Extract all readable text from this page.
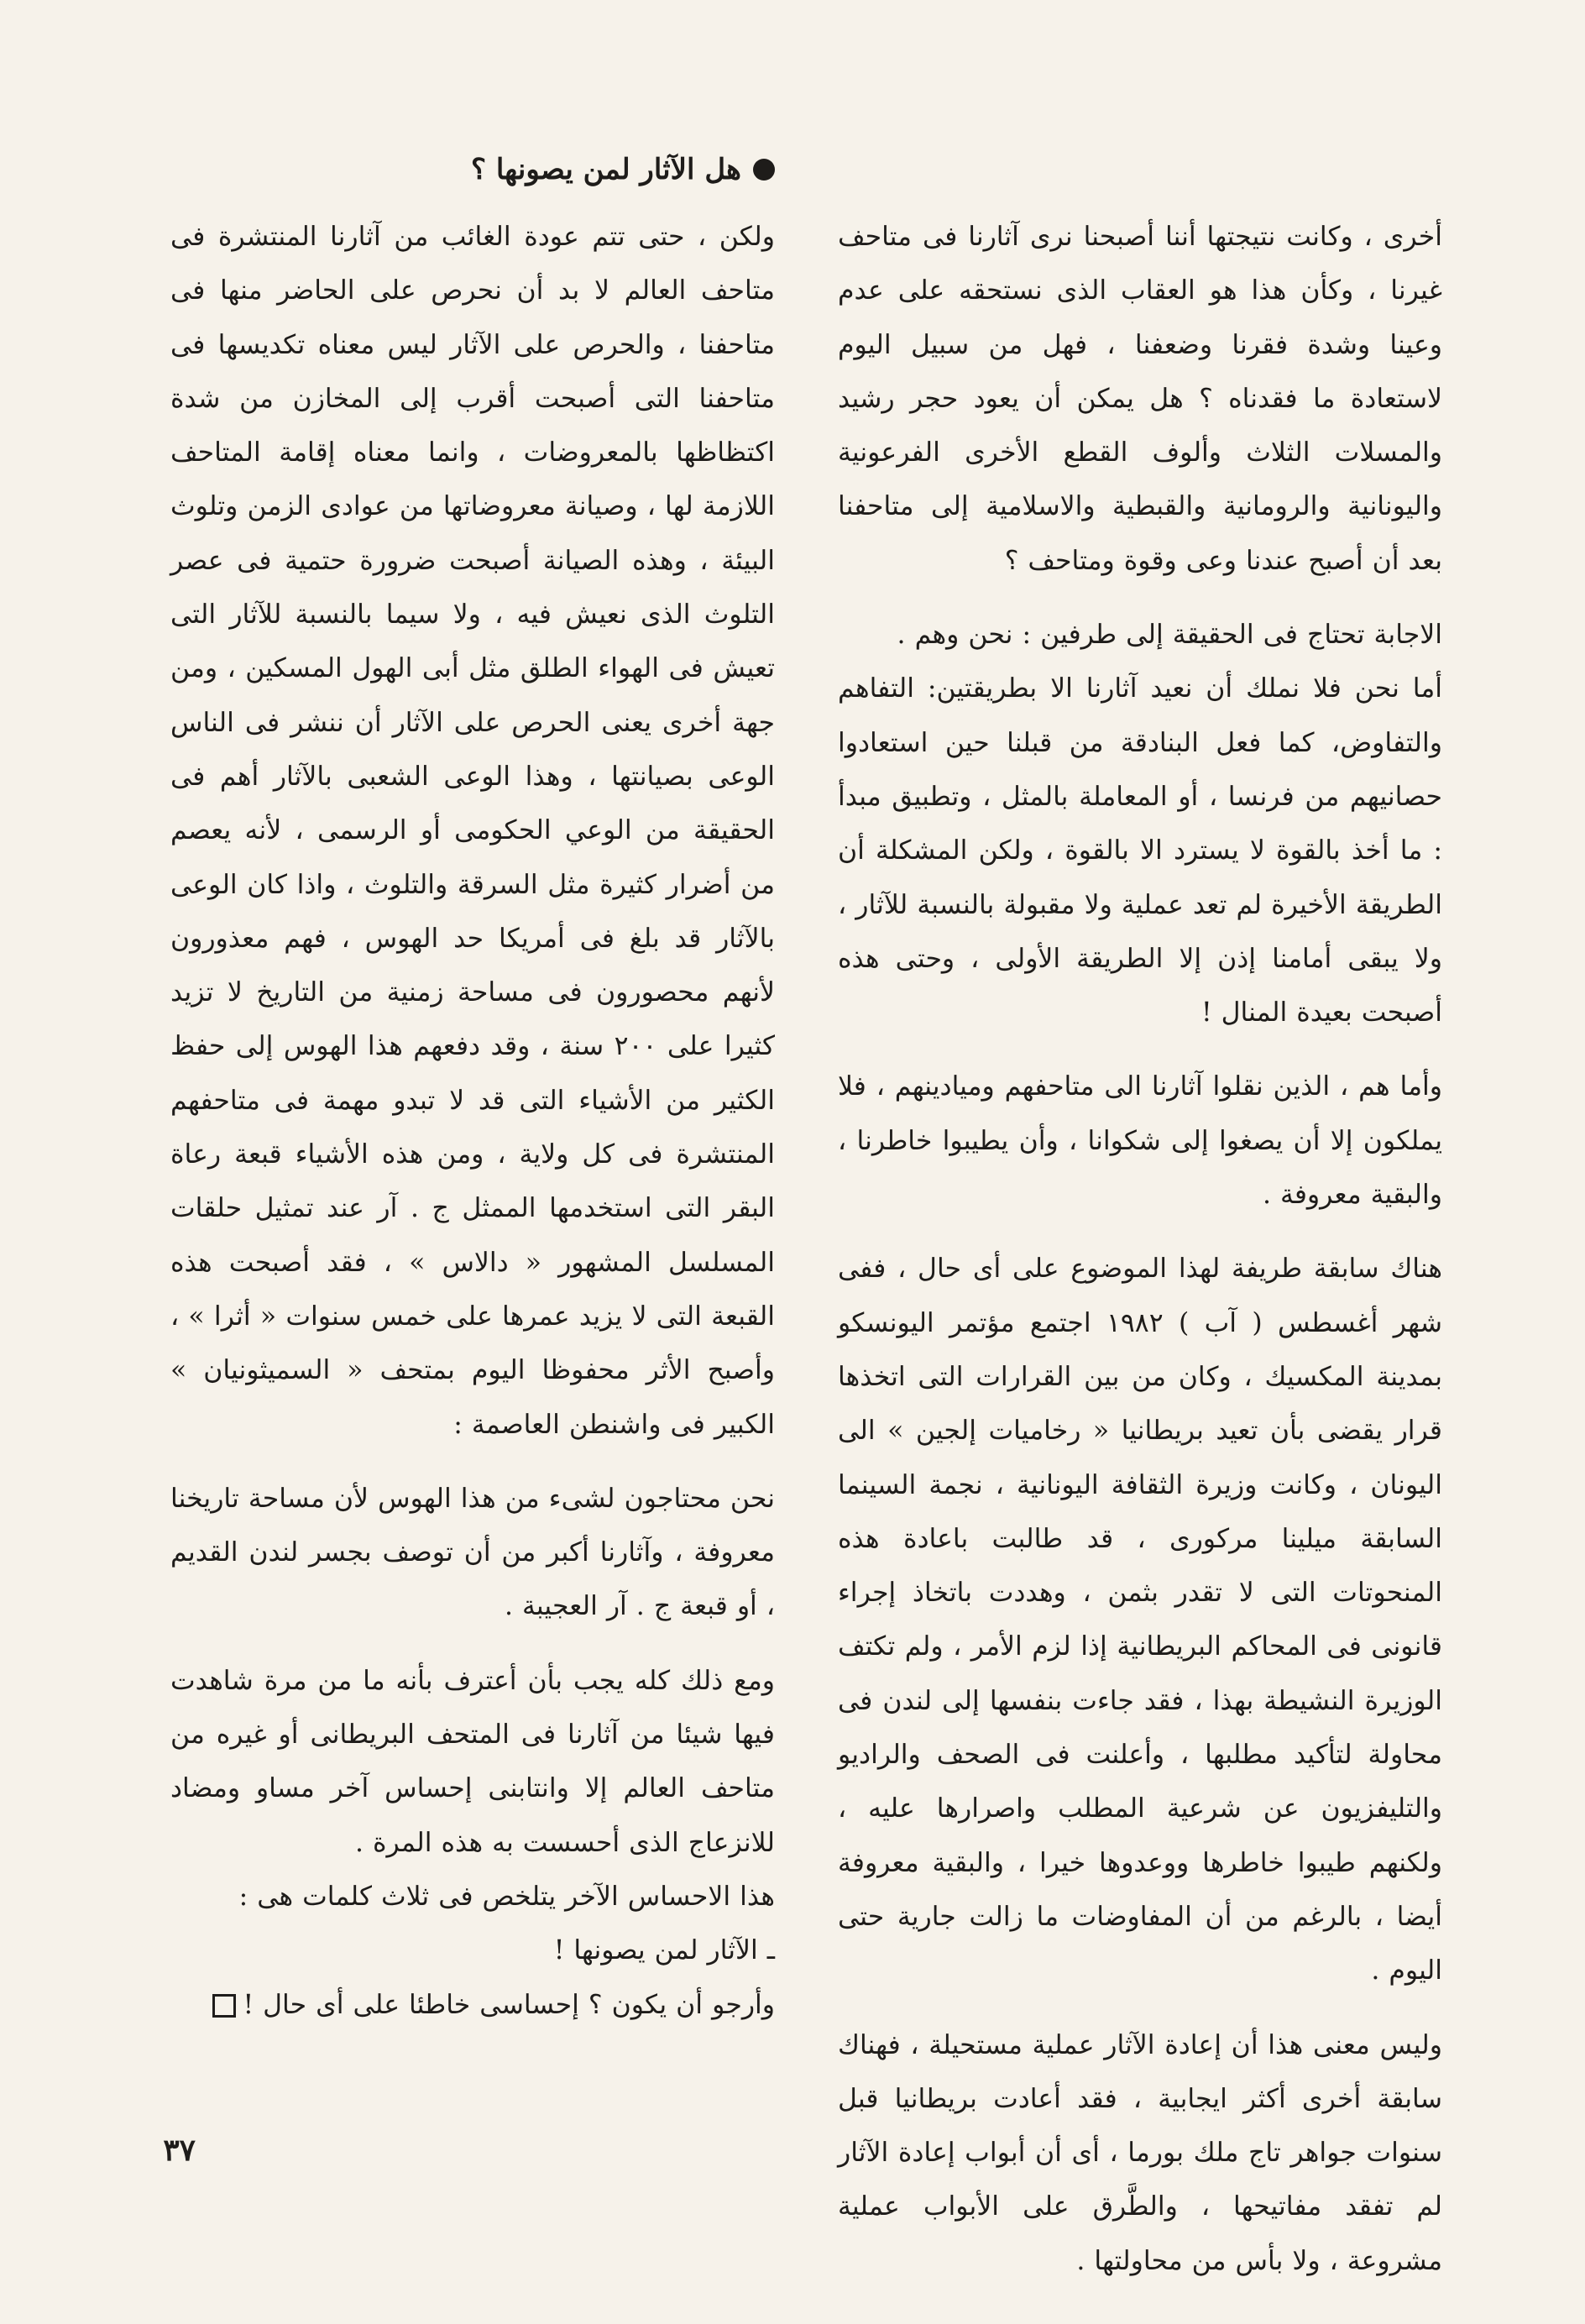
هل الآثار لمن يصونها ؟

أخرى ، وكانت نتيجتها أننا أصبحنا نرى آثارنا فى متاحف غيرنا ، وكأن هذا هو العقاب الذى نستحقه على عدم وعينا وشدة فقرنا وضعفنا ، فهل من سبيل اليوم لاستعادة ما فقدناه ؟ هل يمكن أن يعود حجر رشيد والمسلات الثلاث وألوف القطع الأخرى الفرعونية واليونانية والرومانية والقبطية والاسلامية إلى متاحفنا بعد أن أصبح عندنا وعى وقوة ومتاحف ؟

الاجابة تحتاج فى الحقيقة إلى طرفين : نحن وهم .

أما نحن فلا نملك أن نعيد آثارنا الا بطريقتين: التفاهم والتفاوض، كما فعل البنادقة من قبلنا حين استعادوا حصانيهم من فرنسا ، أو المعاملة بالمثل ، وتطبيق مبدأ : ما أخذ بالقوة لا يسترد الا بالقوة ، ولكن المشكلة أن الطريقة الأخيرة لم تعد عملية ولا مقبولة بالنسبة للآثار ، ولا يبقى أمامنا إذن إلا الطريقة الأولى ، وحتى هذه أصبحت بعيدة المنال !

وأما هم ، الذين نقلوا آثارنا الى متاحفهم وميادينهم ، فلا يملكون إلا أن يصغوا إلى شكوانا ، وأن يطيبوا خاطرنا ، والبقية معروفة .

هناك سابقة طريفة لهذا الموضوع على أى حال ، ففى شهر أغسطس ( آب ) ١٩٨٢ اجتمع مؤتمر اليونسكو بمدينة المكسيك ، وكان من بين القرارات التى اتخذها قرار يقضى بأن تعيد بريطانيا « رخاميات إلجين » الى اليونان ، وكانت وزيرة الثقافة اليونانية ، نجمة السينما السابقة ميلينا مركورى ، قد طالبت باعادة هذه المنحوتات التى لا تقدر بثمن ، وهددت باتخاذ إجراء قانونى فى المحاكم البريطانية إذا لزم الأمر ، ولم تكتف الوزيرة النشيطة بهذا ، فقد جاءت بنفسها إلى لندن فى محاولة لتأكيد مطلبها ، وأعلنت فى الصحف والراديو والتليفزيون عن شرعية المطلب واصرارها عليه ، ولكنهم طيبوا خاطرها ووعدوها خيرا ، والبقية معروفة أيضا ، بالرغم من أن المفاوضات ما زالت جارية حتى اليوم .

وليس معنى هذا أن إعادة الآثار عملية مستحيلة ، فهناك سابقة أخرى أكثر ايجابية ، فقد أعادت بريطانيا قبل سنوات جواهر تاج ملك بورما ، أى أن أبواب إعادة الآثار لم تفقد مفاتيحها ، والطَّرق على الأبواب عملية مشروعة ، ولا بأس من محاولتها .

ولكن ، حتى تتم عودة الغائب من آثارنا المنتشرة فى متاحف العالم لا بد أن نحرص على الحاضر منها فى متاحفنا ، والحرص على الآثار ليس معناه تكديسها فى متاحفنا التى أصبحت أقرب إلى المخازن من شدة اكتظاظها بالمعروضات ، وانما معناه إقامة المتاحف اللازمة لها ، وصيانة معروضاتها من عوادى الزمن وتلوث البيئة ، وهذه الصيانة أصبحت ضرورة حتمية فى عصر التلوث الذى نعيش فيه ، ولا سيما بالنسبة للآثار التى تعيش فى الهواء الطلق مثل أبى الهول المسكين ، ومن جهة أخرى يعنى الحرص على الآثار أن ننشر فى الناس الوعى بصيانتها ، وهذا الوعى الشعبى بالآثار أهم فى الحقيقة من الوعي الحكومى أو الرسمى ، لأنه يعصم من أضرار كثيرة مثل السرقة والتلوث ، واذا كان الوعى بالآثار قد بلغ فى أمريكا حد الهوس ، فهم معذورون لأنهم محصورون فى مساحة زمنية من التاريخ لا تزيد كثيرا على ٢٠٠ سنة ، وقد دفعهم هذا الهوس إلى حفظ الكثير من الأشياء التى قد لا تبدو مهمة فى متاحفهم المنتشرة فى كل ولاية ، ومن هذه الأشياء قبعة رعاة البقر التى استخدمها الممثل ج . آر عند تمثيل حلقات المسلسل المشهور « دالاس » ، فقد أصبحت هذه القبعة التى لا يزيد عمرها على خمس سنوات « أثرا » ، وأصبح الأثر محفوظا اليوم بمتحف « السميثونيان » الكبير فى واشنطن العاصمة :

نحن محتاجون لشىء من هذا الهوس لأن مساحة تاريخنا معروفة ، وآثارنا أكبر من أن توصف بجسر لندن القديم ، أو قبعة ج . آر العجيبة .

ومع ذلك كله يجب بأن أعترف بأنه ما من مرة شاهدت فيها شيئا من آثارنا فى المتحف البريطانى أو غيره من متاحف العالم إلا وانتابنى إحساس آخر مساو ومضاد للانزعاج الذى أحسست به هذه المرة .

هذا الاحساس الآخر يتلخص فى ثلاث كلمات هى :

ـ الآثار لمن يصونها !

وأرجو أن يكون ؟ إحساسى خاطئا على أى حال !

٣٧
